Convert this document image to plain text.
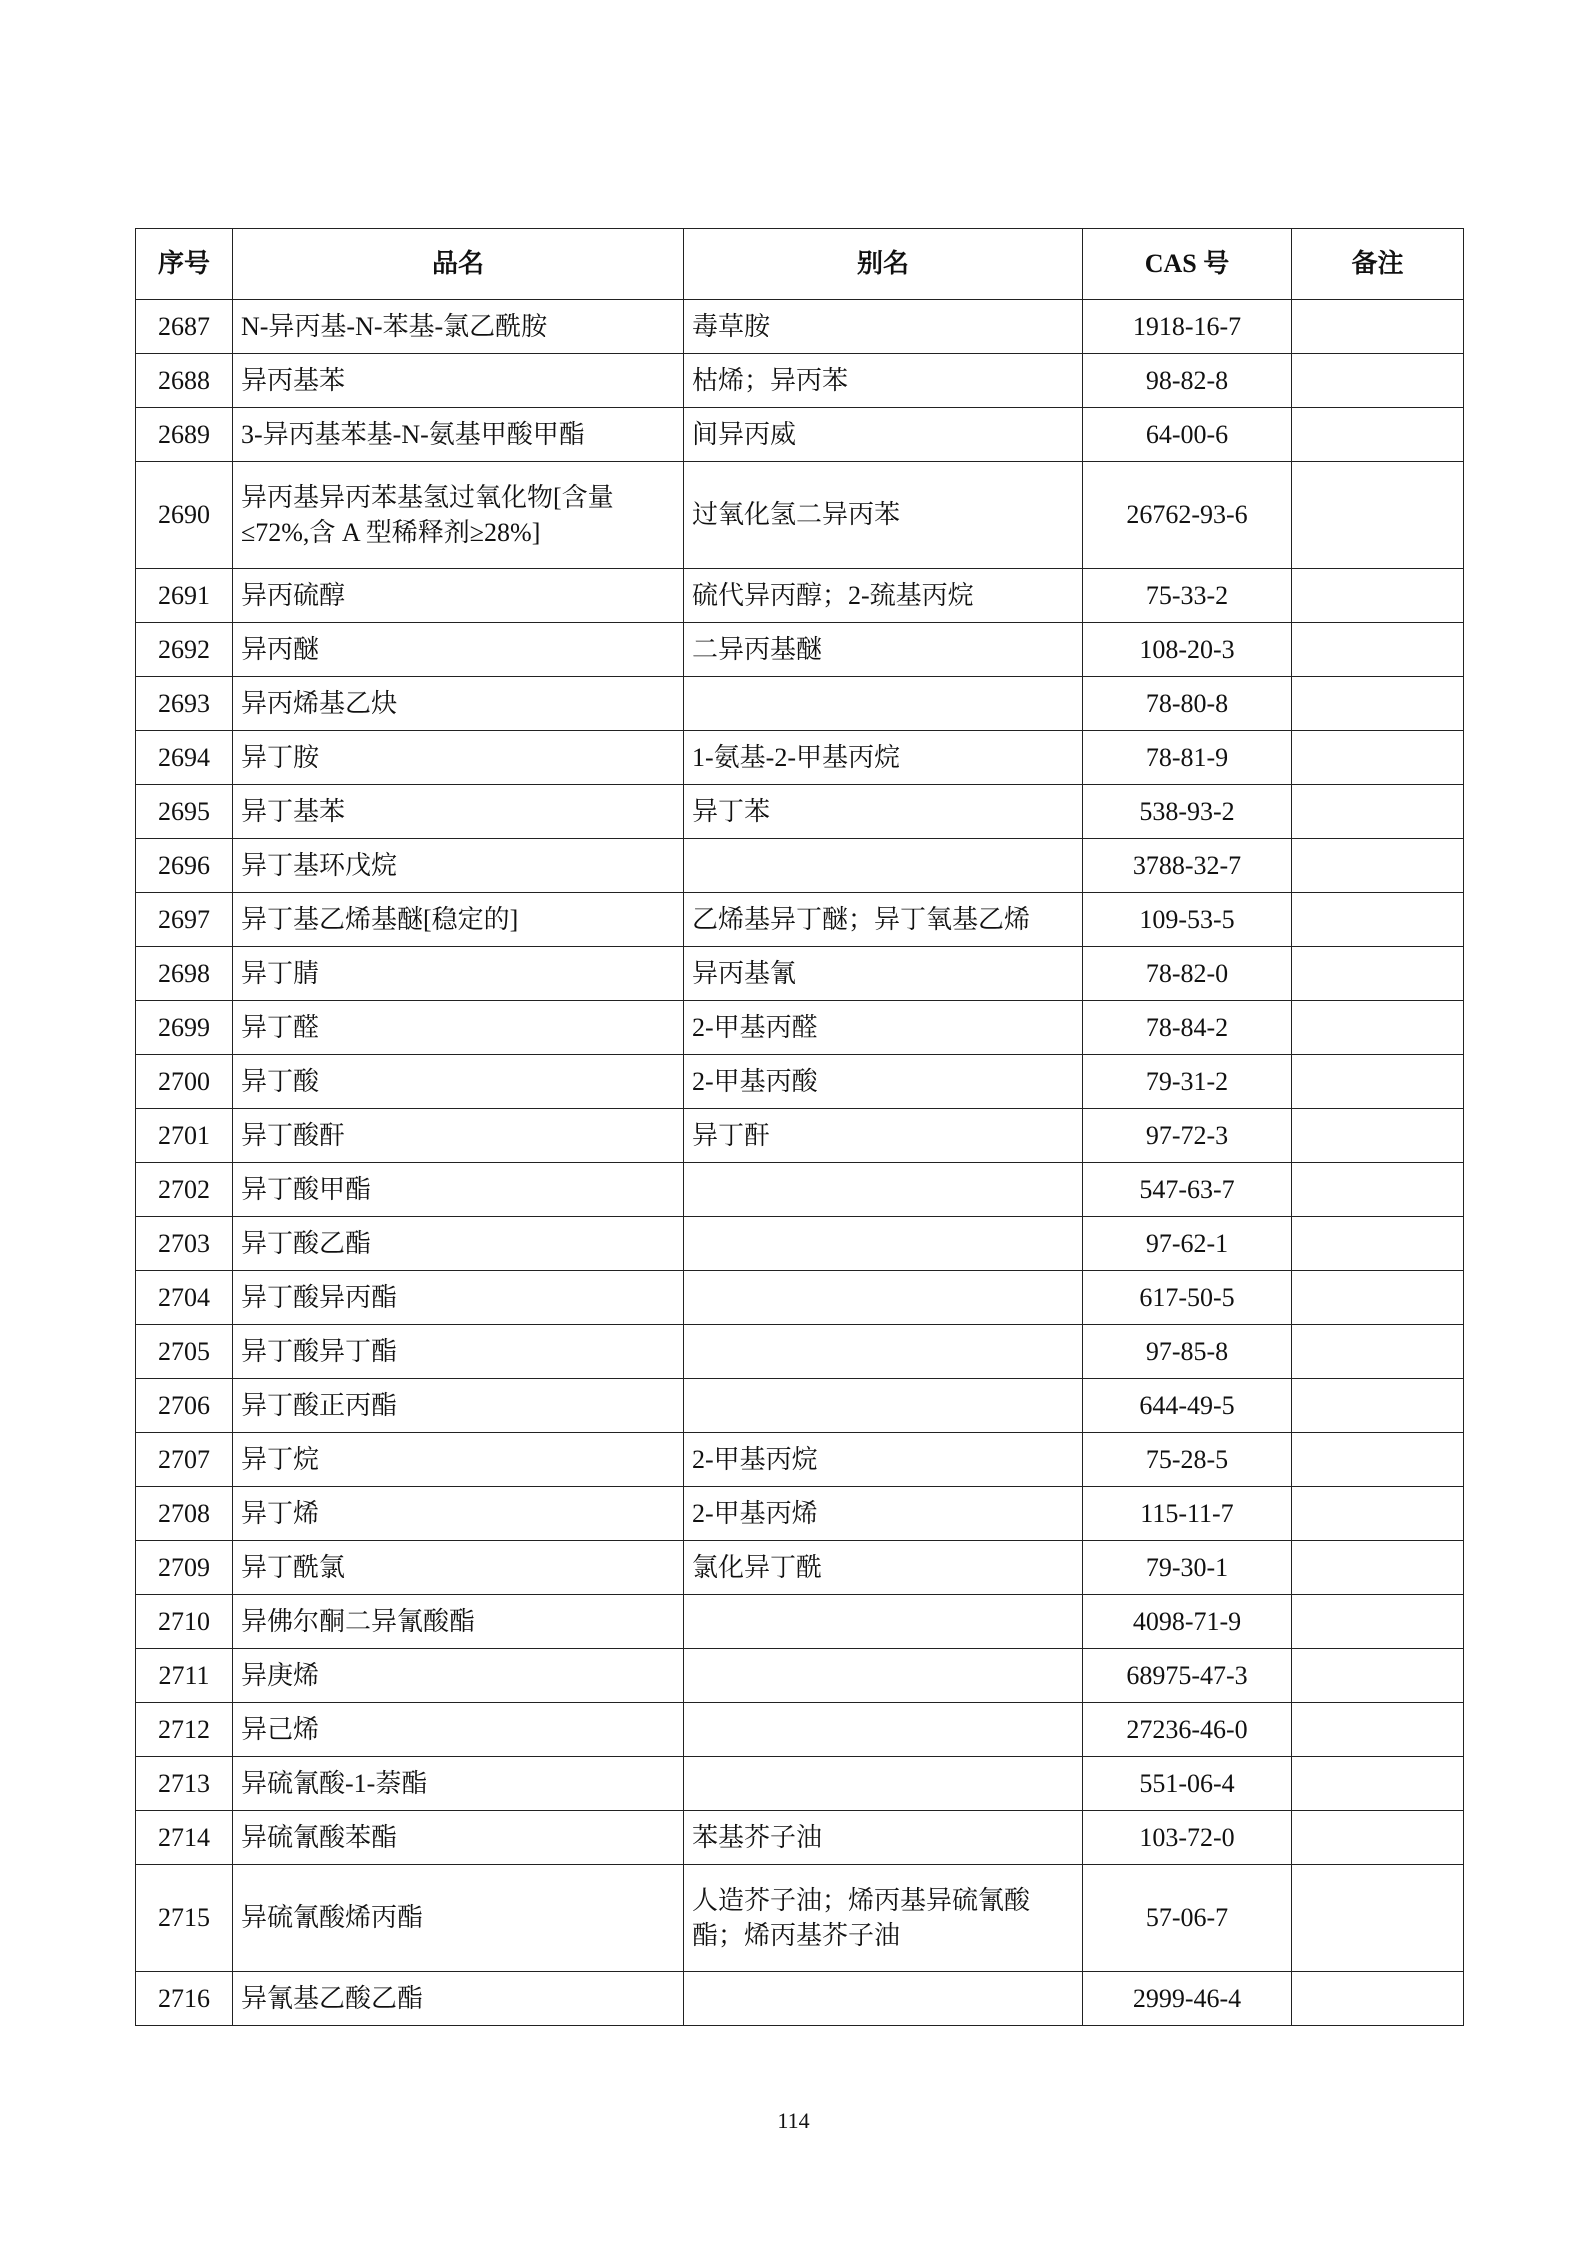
序号	品名	别名	CAS 号	备注
2687	N-异丙基-N-苯基-氯乙酰胺	毒草胺	1918-16-7	
2688	异丙基苯	枯烯；异丙苯	98-82-8	
2689	3-异丙基苯基-N-氨基甲酸甲酯	间异丙威	64-00-6	
2690	异丙基异丙苯基氢过氧化物[含量≤72%,含 A 型稀释剂≥28%]	过氧化氢二异丙苯	26762-93-6	
2691	异丙硫醇	硫代异丙醇；2-巯基丙烷	75-33-2	
2692	异丙醚	二异丙基醚	108-20-3	
2693	异丙烯基乙炔		78-80-8	
2694	异丁胺	1-氨基-2-甲基丙烷	78-81-9	
2695	异丁基苯	异丁苯	538-93-2	
2696	异丁基环戊烷		3788-32-7	
2697	异丁基乙烯基醚[稳定的]	乙烯基异丁醚；异丁氧基乙烯	109-53-5	
2698	异丁腈	异丙基氰	78-82-0	
2699	异丁醛	2-甲基丙醛	78-84-2	
2700	异丁酸	2-甲基丙酸	79-31-2	
2701	异丁酸酐	异丁酐	97-72-3	
2702	异丁酸甲酯		547-63-7	
2703	异丁酸乙酯		97-62-1	
2704	异丁酸异丙酯		617-50-5	
2705	异丁酸异丁酯		97-85-8	
2706	异丁酸正丙酯		644-49-5	
2707	异丁烷	2-甲基丙烷	75-28-5	
2708	异丁烯	2-甲基丙烯	115-11-7	
2709	异丁酰氯	氯化异丁酰	79-30-1	
2710	异佛尔酮二异氰酸酯		4098-71-9	
2711	异庚烯		68975-47-3	
2712	异己烯		27236-46-0	
2713	异硫氰酸-1-萘酯		551-06-4	
2714	异硫氰酸苯酯	苯基芥子油	103-72-0	
2715	异硫氰酸烯丙酯	人造芥子油；烯丙基异硫氰酸酯；烯丙基芥子油	57-06-7	
2716	异氰基乙酸乙酯		2999-46-4	
114
